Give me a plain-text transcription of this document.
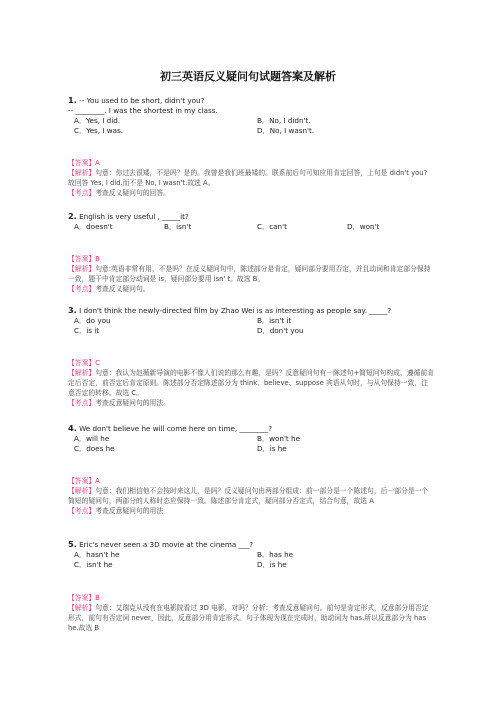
初三英语反义疑问句试题答案及解析
1. -- You used to be short, didn't you?
-- ________. I was the shortest in my class.
A．Yes, I did.	B．No, I didn't.
C．Yes, I was.	D．No, I wasn't.
【答案】A
【解析】句意：你过去很矮，不是吗？是的。我曾是我们班最矮的。联系前后句可知应用肯定回答，上句是 didn't you?故回答 Yes, I did.而不是 No, I wasn't.故选 A。
【考点】考查反义疑问句的回答。
2. English is very useful , _____it?
A．doesn't	B．isn't	C．can't	D．won't
【答案】B
【解析】句意:英语非常有用，不是吗？在反义疑问句中，陈述部分是肯定，疑问部分要用否定，并且动词和肯定部分保持一致，题干中肯定部分动词是 is，疑问部分要用 isn' t。故选 B。
【考点】考查反义疑问句。
3. I don't think the newly-directed film by Zhao Wei is as interesting as people say. _____?
A．do you	B．isn't it
C．is it	D．don't you
【答案】C
【解析】句意：我认为赵薇新导演的电影不像人们说的那么有趣，是吗？反意疑问句有一陈述句+简短问句构成，遵循前肯定后否定，前否定后肯定原则。陈述部分否定陈述部分为 think、believe、suppose 宾语从句时，与从句保持一致，注意否定的转移。故选 C。
【考点】考查反意疑问句的用法。
4. We don't believe he will come here on time, ________?
A．will he	B．won't he
C．does he	D．is he
【答案】A
【解析】句意：我们相信他不会按时来这儿，是吗？反义疑问句由两部分组成：前一部分是一个陈述句，后一部分是一个简短的疑问句，两部分的人称时态应保持一致。陈述部分肯定式，疑问部分否定式，结合句意，故选 A
【考点】考查反意疑问句的用法
5. Eric's never seen a 3D movie at the cinema ___?
A．hasn't he	B．has he
C．isn't he	D．is he
【答案】B
【解析】句意：艾瑞克从没有在电影院看过 3D 电影，对吗？分析：考查反意疑问句。前句是肯定形式，反意部分用否定形式，前句有否定词 never，因此，反意部分用肯定形式。句子体现为现在完成时，助动词为 has.所以反意部分为 has he.故选 B
